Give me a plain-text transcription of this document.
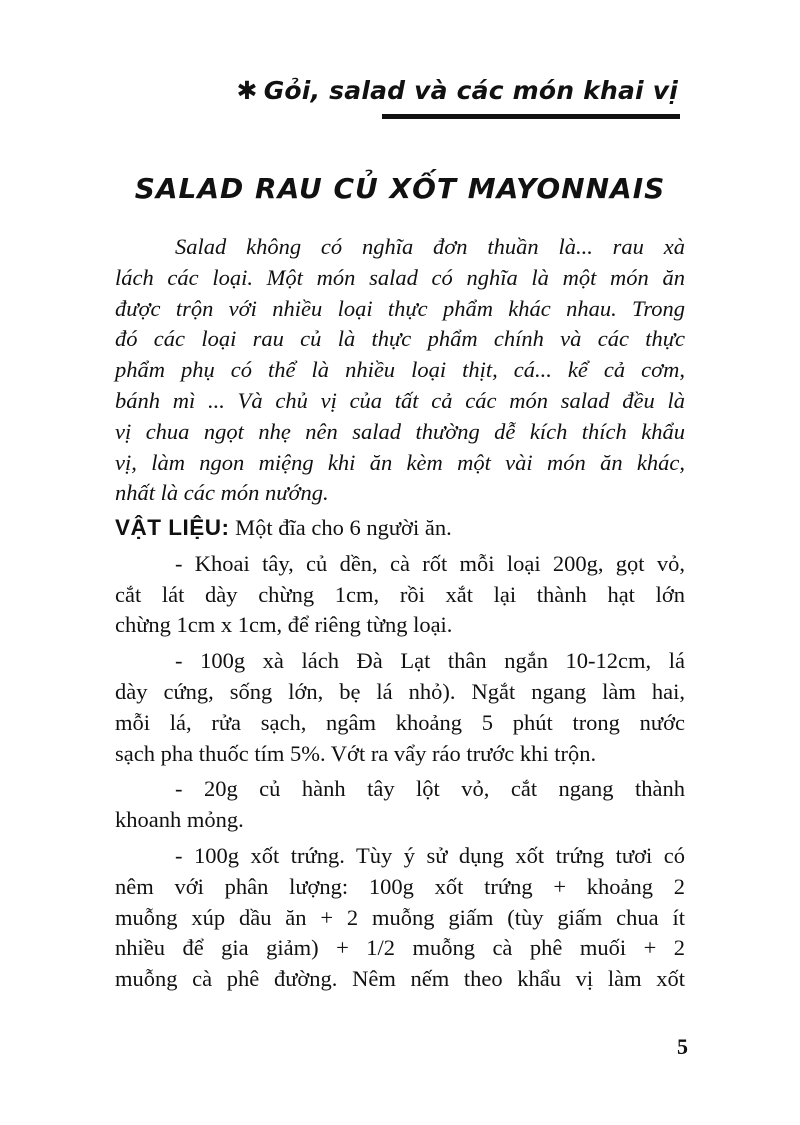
✱ Gỏi, salad và các món khai vị
SALAD RAU CỦ XỐT MAYONNAIS
Salad không có nghĩa đơn thuần là... rau xà
lách các loại. Một món salad có nghĩa là một món ăn
được trộn với nhiều loại thực phẩm khác nhau. Trong
đó các loại rau củ là thực phẩm chính và các thực
phẩm phụ có thể là nhiều loại thịt, cá... kể cả cơm,
bánh mì ... Và chủ vị của tất cả các món salad đều là
vị chua ngọt nhẹ nên salad thường dễ kích thích khẩu
vị, làm ngon miệng khi ăn kèm một vài món ăn khác,
nhất là các món nướng.
VẬT LIỆU: Một đĩa cho 6 người ăn.
- Khoai tây, củ dền, cà rốt mỗi loại 200g, gọt vỏ,
cắt lát dày chừng 1cm, rồi xắt lại thành hạt lớn
chừng 1cm x 1cm, để riêng từng loại.
- 100g xà lách Đà Lạt thân ngắn 10-12cm, lá
dày cứng, sống lớn, bẹ lá nhỏ). Ngắt ngang làm hai,
mỗi lá, rửa sạch, ngâm khoảng 5 phút trong nước
sạch pha thuốc tím 5%. Vớt ra vẩy ráo trước khi trộn.
- 20g củ hành tây lột vỏ, cắt ngang thành
khoanh mỏng.
- 100g xốt trứng. Tùy ý sử dụng xốt trứng tươi có
nêm với phân lượng: 100g xốt trứng + khoảng 2
muỗng xúp dầu ăn + 2 muỗng giấm (tùy giấm chua ít
nhiều để gia giảm) + 1/2 muỗng cà phê muối + 2
muỗng cà phê đường. Nêm nếm theo khẩu vị làm xốt
5
